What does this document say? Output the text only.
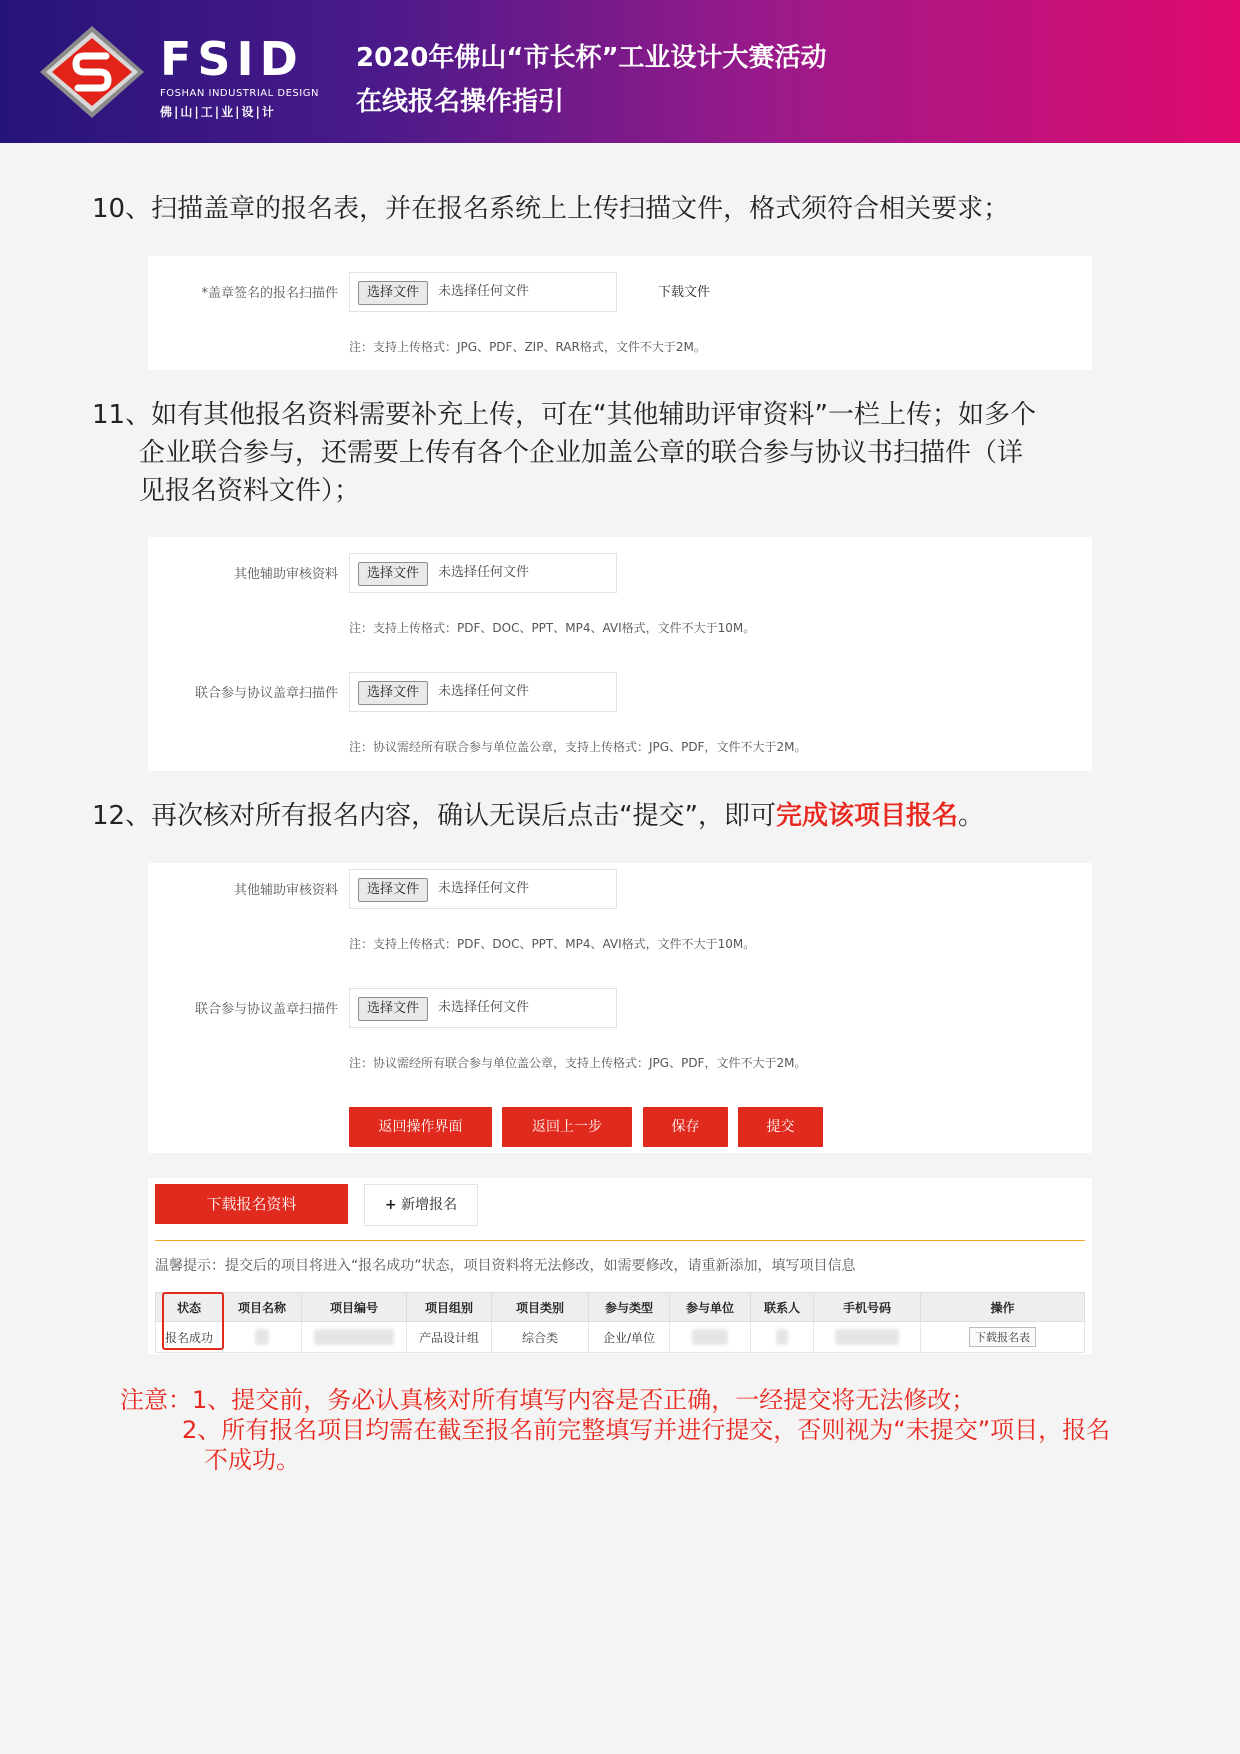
FSID
FOSHAN INDUSTRIAL DESIGN
佛|山|工|业|设|计
2020年佛山“市长杯”工业设计大赛活动
在线报名操作指引
10、扫描盖章的报名表，并在报名系统上上传扫描文件，格式须符合相关要求；
*盖章签名的报名扫描件	选择文件	未选择任何文件	下载文件
注：支持上传格式：JPG、PDF、ZIP、RAR格式，文件不大于2M。
11、如有其他报名资料需要补充上传，可在“其他辅助评审资料”一栏上传；如多个
企业联合参与，还需要上传有各个企业加盖公章的联合参与协议书扫描件（详
见报名资料文件）；
其他辅助审核资料	选择文件	未选择任何文件
注：支持上传格式：PDF、DOC、PPT、MP4、AVI格式，文件不大于10M。
联合参与协议盖章扫描件	选择文件	未选择任何文件
注：协议需经所有联合参与单位盖公章，支持上传格式：JPG、PDF，文件不大于2M。
12、再次核对所有报名内容，确认无误后点击“提交”，即可完成该项目报名。
其他辅助审核资料	选择文件	未选择任何文件
注：支持上传格式：PDF、DOC、PPT、MP4、AVI格式，文件不大于10M。
联合参与协议盖章扫描件	选择文件	未选择任何文件
注：协议需经所有联合参与单位盖公章，支持上传格式：JPG、PDF，文件不大于2M。
返回操作界面	返回上一步	保存	提交
下载报名资料	+ 新增报名
温馨提示：提交后的项目将进入“报名成功”状态，项目资料将无法修改，如需要修改，请重新添加，填写项目信息
状态	项目名称	项目编号	项目组别	项目类别	参与类型	参与单位	联系人	手机号码	操作
报名成功			产品设计组	综合类	企业/单位				下载报名表
注意：1、提交前，务必认真核对所有填写内容是否正确，一经提交将无法修改；
2、所有报名项目均需在截至报名前完整填写并进行提交，否则视为“未提交”项目，报名
不成功。
